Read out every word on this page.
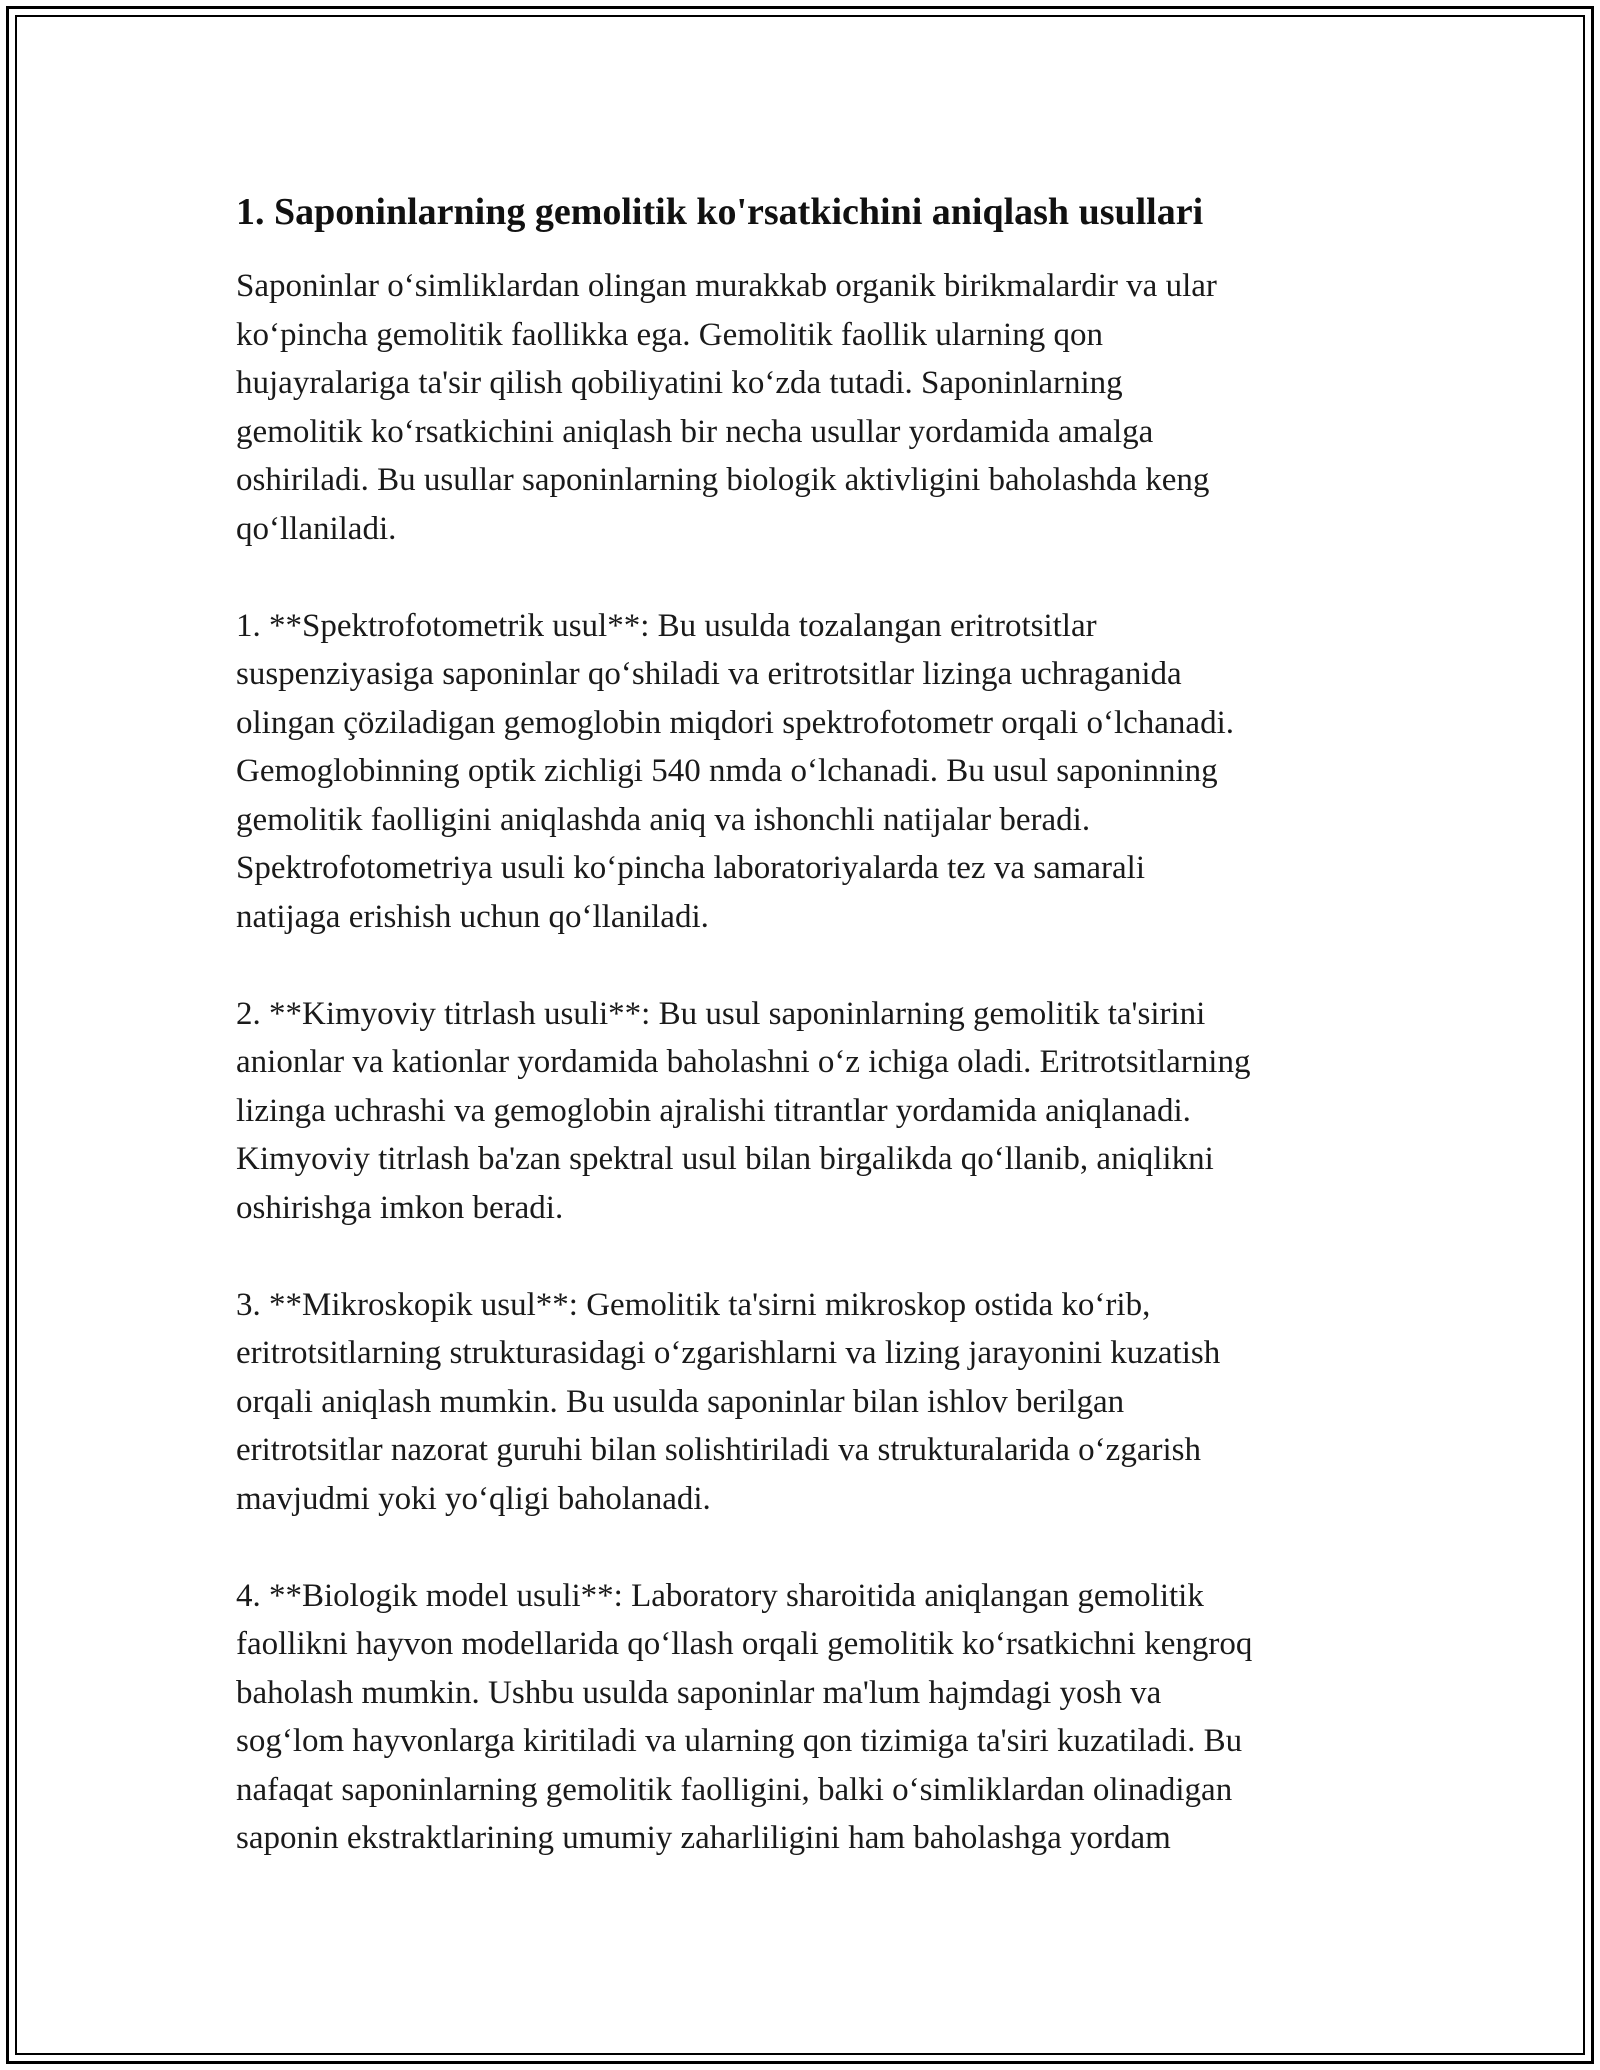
1. Saponinlarning gemolitik ko'rsatkichini aniqlash usullari

Saponinlar o‘simliklardan olingan murakkab organik birikmalardir va ular
ko‘pincha gemolitik faollikka ega. Gemolitik faollik ularning qon
hujayralariga ta'sir qilish qobiliyatini ko‘zda tutadi. Saponinlarning
gemolitik ko‘rsatkichini aniqlash bir necha usullar yordamida amalga
oshiriladi. Bu usullar saponinlarning biologik aktivligini baholashda keng
qo‘llaniladi.

1. **Spektrofotometrik usul**: Bu usulda tozalangan eritrotsitlar
suspenziyasiga saponinlar qo‘shiladi va eritrotsitlar lizinga uchraganida
olingan çöziladigan gemoglobin miqdori spektrofotometr orqali o‘lchanadi.
Gemoglobinning optik zichligi 540 nmda o‘lchanadi. Bu usul saponinning
gemolitik faolligini aniqlashda aniq va ishonchli natijalar beradi.
Spektrofotometriya usuli ko‘pincha laboratoriyalarda tez va samarali
natijaga erishish uchun qo‘llaniladi.

2. **Kimyoviy titrlash usuli**: Bu usul saponinlarning gemolitik ta'sirini
anionlar va kationlar yordamida baholashni o‘z ichiga oladi. Eritrotsitlarning
lizinga uchrashi va gemoglobin ajralishi titrantlar yordamida aniqlanadi.
Kimyoviy titrlash ba'zan spektral usul bilan birgalikda qo‘llanib, aniqlikni
oshirishga imkon beradi.

3. **Mikroskopik usul**: Gemolitik ta'sirni mikroskop ostida ko‘rib,
eritrotsitlarning strukturasidagi o‘zgarishlarni va lizing jarayonini kuzatish
orqali aniqlash mumkin. Bu usulda saponinlar bilan ishlov berilgan
eritrotsitlar nazorat guruhi bilan solishtiriladi va strukturalarida o‘zgarish
mavjudmi yoki yo‘qligi baholanadi.

4. **Biologik model usuli**: Laboratory sharoitida aniqlangan gemolitik
faollikni hayvon modellarida qo‘llash orqali gemolitik ko‘rsatkichni kengroq
baholash mumkin. Ushbu usulda saponinlar ma'lum hajmdagi yosh va
sog‘lom hayvonlarga kiritiladi va ularning qon tizimiga ta'siri kuzatiladi. Bu
nafaqat saponinlarning gemolitik faolligini, balki o‘simliklardan olinadigan
saponin ekstraktlarining umumiy zaharliligini ham baholashga yordam
